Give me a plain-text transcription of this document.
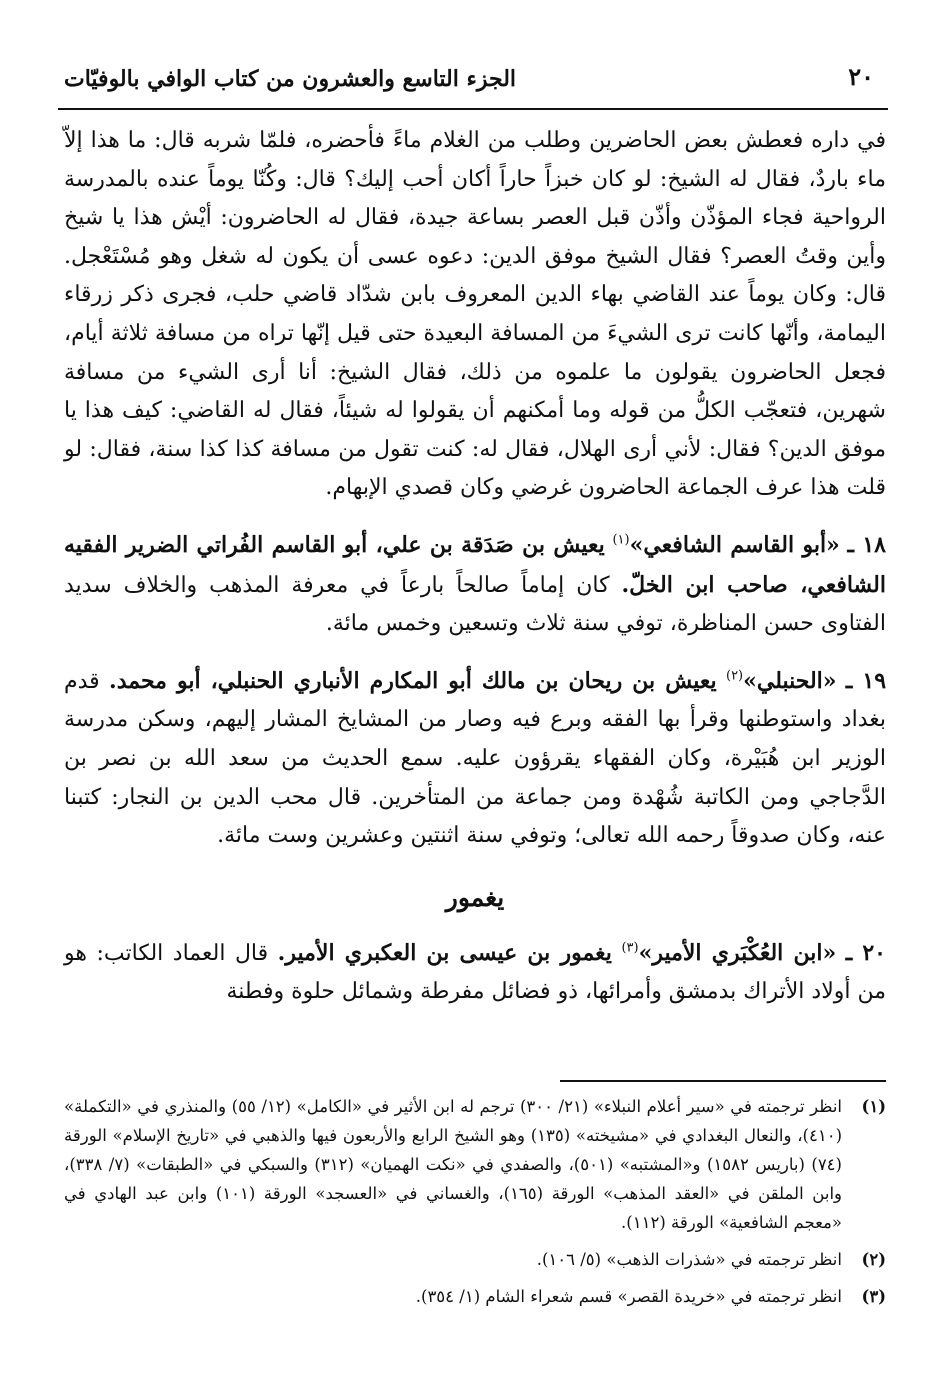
٢٠
الجزء التاسع والعشرون من كتاب الوافي بالوفيّات

في داره فعطش بعض الحاضرين وطلب من الغلام ماءً فأحضره، فلمّا شربه قال: ما هذا إلاّ ماء باردٌ، فقال له الشيخ: لو كان خبزاً حاراً أكان أحب إليك؟ قال: وكُنّا يوماً عنده بالمدرسة الرواحية فجاء المؤذّن وأذّن قبل العصر بساعة جيدة، فقال له الحاضرون: أيْش هذا يا شيخ وأين وقتُ العصر؟ فقال الشيخ موفق الدين: دعوه عسى أن يكون له شغل وهو مُسْتَعْجل. قال: وكان يوماً عند القاضي بهاء الدين المعروف بابن شدّاد قاضي حلب، فجرى ذكر زرقاء اليمامة، وأنّها كانت ترى الشيءَ من المسافة البعيدة حتى قيل إنّها تراه من مسافة ثلاثة أيام، فجعل الحاضرون يقولون ما علموه من ذلك، فقال الشيخ: أنا أرى الشيء من مسافة شهرين، فتعجّب الكلُّ من قوله وما أمكنهم أن يقولوا له شيئاً، فقال له القاضي: كيف هذا يا موفق الدين؟ فقال: لأني أرى الهلال، فقال له: كنت تقول من مسافة كذا كذا سنة، فقال: لو قلت هذا عرف الجماعة الحاضرون غرضي وكان قصدي الإبهام.

١٨ ـ «أبو القاسم الشافعي»$^{(١)}$ يعيش بن صَدَقة بن علي، أبو القاسم الفُراتي الضرير الفقيه الشافعي، صاحب ابن الخلّ. كان إماماً صالحاً بارعاً في معرفة المذهب والخلاف سديد الفتاوى حسن المناظرة، توفي سنة ثلاث وتسعين وخمس مائة.

١٩ ـ «الحنبلي»$^{(٢)}$ يعيش بن ريحان بن مالك أبو المكارم الأنباري الحنبلي، أبو محمد. قدم بغداد واستوطنها وقرأ بها الفقه وبرع فيه وصار من المشايخ المشار إليهم، وسكن مدرسة الوزير ابن هُبَيْرة، وكان الفقهاء يقرؤون عليه. سمع الحديث من سعد الله بن نصر بن الدَّجاجي ومن الكاتبة شُهْدة ومن جماعة من المتأخرين. قال محب الدين بن النجار: كتبنا عنه، وكان صدوقاً رحمه الله تعالى؛ وتوفي سنة اثنتين وعشرين وست مائة.

يغمور

٢٠ ـ «ابن العُكْبَري الأمير»$^{(٣)}$ يغمور بن عيسى بن العكبري الأمير. قال العماد الكاتب: هو من أولاد الأتراك بدمشق وأمرائها، ذو فضائل مفرطة وشمائل حلوة وفطنة

(١)
انظر ترجمته في «سير أعلام النبلاء» (٢١/ ٣٠٠) ترجم له ابن الأثير في «الكامل» (١٢/ ٥٥) والمنذري في «التكملة» (٤١٠)، والنعال البغدادي في «مشيخته» (١٣٥) وهو الشيخ الرابع والأربعون فيها والذهبي في «تاريخ الإسلام» الورقة (٧٤) (باريس ١٥٨٢) و«المشتبه» (٥٠١)، والصفدي في «نكت الهميان» (٣١٢) والسبكي في «الطبقات» (٧/ ٣٣٨)، وابن الملقن في «العقد المذهب» الورقة (١٦٥)، والغساني في «العسجد» الورقة (١٠١) وابن عبد الهادي في «معجم الشافعية» الورقة (١١٢).
(٢)
انظر ترجمته في «شذرات الذهب» (٥/ ١٠٦).
(٣)
انظر ترجمته في «خريدة القصر» قسم شعراء الشام (١/ ٣٥٤).
